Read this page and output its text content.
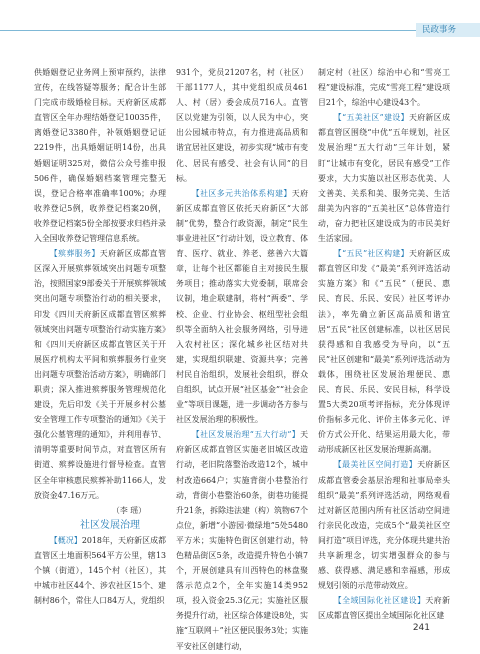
民政事务

供婚姻登记业务网上预审预约，法律宣传，在线答疑等服务；配合计生部门完成市级婚检目标。天府新区成都直管区全年办理结婚登记10035件，离婚登记3380件，补领婚姻登记证2219件，出具婚姻证明14份，出具婚姻证明325对，微信公众号推申报506件，确保婚姻档案管理完整无误，登记合格率准确率100%；办理收养登记5例，收养登记档案20例，收养登记档案5份全部按要求归档并录入全国收养登记管理信息系统。

【殡葬服务】天府新区成都直管区深入开展殡葬领域突出问题专项整治，按照国家9部委关于开展殡葬领域突出问题专项整治行动的相关要求，印发《四川天府新区成都直管区殡葬领域突出问题专项整治行动实施方案》和《四川天府新区成都直管区关于开展医疗机构太平间和殡葬服务行业突出问题专项整治活动方案》，明确部门职责；深入推进殡葬服务管理规范化建设，先后印发《关于开展乡村公墓安全管理工作专项整治的通知》《关于强化公墓管理的通知》，并利用春节、清明等重要时间节点，对直管区所有街道、殡葬设施进行督导检查。直管区全年审核惠民殡葬补助1166人，发放资金47.16万元。

（李 瑶）

社区发展治理

【概况】2018年，天府新区成都直管区土地面积564平方公里，辖13个镇（街道），145个村（社区），其中城市社区44个、涉农社区15个、建制村86个，常住人口84万人，党组织

931个，党员21207名，村（社区）干部1177人，其中党组织成员461人、村（居）委会成员716人。直管区以党建为引领，以人民为中心，突出公园城市特点，有力推进高品质和谐宜居社区建设，初步实现“城市有变化、居民有感受、社会有认同”的目标。

【社区多元共治体系构建】天府新区成都直管区依托天府新区“大部制”优势，整合行政资源，制定“民生事业进社区”行动计划，设立教育、体育、医疗、就业、养老、慈善六大篇章，让每个社区都能自主对接民生服务项目；推动落实大党委制，联席会议制，地企联建制，将村“两委”、学校、企业、行业协会、枢纽型社会组织等全面纳入社会服务网络，引导进入农村社区；深化城乡社区结对共建，实现组织联建、资源共享；完善村民自治组织，发展社会组织，群众自组织，试点开展“社区基金”“社会企业”等项目课题，进一步调动各方参与社区发展治理的积极性。

【社区发展治理“五大行动”】天府新区成都直管区实施老旧城区改造行动，老旧院落整治改造12个，城中村改造664户；实施背街小巷整治行动，背街小巷整治60条，街巷功能提升21条，拆除违法建（构）筑物67个点位，新增“小游园·微绿地”5处5480平方米；实施特色街区创建行动，特色精品街区5条，改造提升特色小镇7个，开展创建具有川西特色的林盘聚落示范点2个，全年实施14类952项，投入资金25.3亿元；实施社区服务提升行动，社区综合体建设8处，实施“互联网＋”社区便民服务3处；实施平安社区创建行动，

制定村（社区）综治中心和“雪亮工程”建设标准，完成“雪亮工程”建设项目21个，综治中心建设43个。

【“五美社区”建设】天府新区成都直管区围绕“中优”五年规划，社区发展治理“五大行动”三年计划，紧盯“让城市有变化，居民有感受”工作要求，大力实施以社区形态优美、人文善美、关系和美、服务完美、生活甜美为内容的“五美社区”总体营造行动，奋力把社区建设成为的市民美好生活家园。

【“五民”社区构建】天府新区成都直管区印发《“最美”系列评选活动实施方案》和《“五民”（便民、惠民、育民、乐民、安民）社区考评办法》，率先确立新区高品质和谐宜居“五民”社区创建标准，以社区居民获得感和自我感受为导向，以“五民”社区创建和“最美”系列评选活动为载体，围绕社区发展治理便民、惠民、育民、乐民、安民目标，科学设置5大类20项考评指标，充分体现评价指标多元化、评价主体多元化、评价方式公开化、结果运用最大化，带动形成新区社区发展治理新高潮。

【最美社区空间打造】天府新区成都直管委会基层治理和社事局牵头组织“最美”系列评选活动，网络观看过对新区范围内所有社区活动空间进行亲民化改造，完成5个“最美社区空间打造”项目评选，充分体现共建共治共享新理念，切实增强群众的参与感、获得感、满足感和幸福感，形成规划引领的示范带动效应。

【全域国际化社区建设】天府新区成都直管区提出全域国际化社区建

241
